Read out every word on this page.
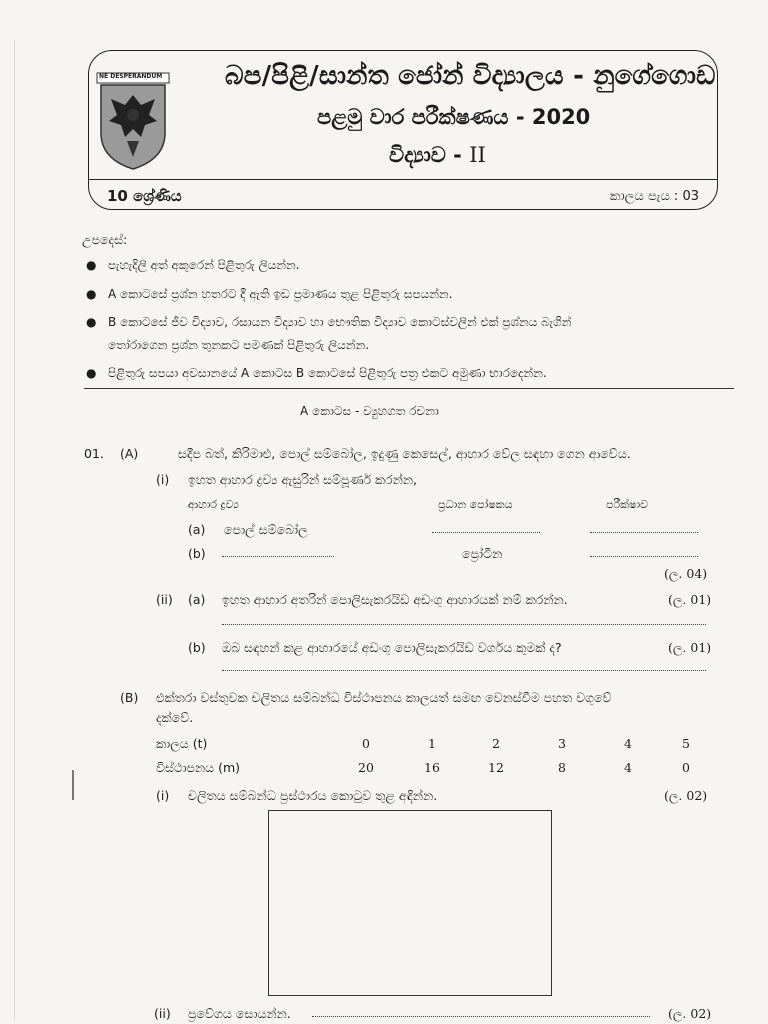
NE DESPERANDUM බප/පිළි/සාන්ත ජෝන් විද්‍යාලය - නුගේගොඩ
පළමු වාර පරීක්ෂණය - 2020
විද්‍යාව - II
10 ශ්‍රේණිය	කාලය පැය : 03
උපදෙස්:
● පැහැදිලි අත් අකුරෙන් පිළිතුරු ලියන්න.
● A කොටසේ ප්‍රශ්න හතරට දී ඇති ඉඩ ප්‍රමාණය තුළ පිළිතුරු සපයන්න.
● B කොටසේ ජීව විද්‍යාව, රසායන විද්‍යාව හා භෞතික විද්‍යාව කොටස්වලින් එක් ප්‍රශ්නය බැගින්
තෝරාගෙන ප්‍රශ්න තුනකට පමණක් පිළිතුරු ලියන්න.
● පිළිතුරු සපයා අවසානයේ A කොටස B කොටසේ පිළිතුරු පත්‍ර එකට අමුණා භාරදෙන්න.
A කොටස - ව්‍යුහගත රචනා
01. (A)	සදීප බත්, කිරිමාළු, පොල් සම්බෝල, ඉදුණු කෙසෙල්, ආහාර වේල සඳහා ගෙන ආවේය.
(i) ඉහත ආහාර ද්‍රව්‍ය ඇසුරින් සම්පූර්ණ කරන්න,
ආහාර ද්‍රව්‍ය	ප්‍රධාන පෝෂකය	පරීක්ෂාව
(a) පොල් සම්බෝල
(b)	ප්‍රෝටීන
(ල. 04)
(ii) (a) ඉහත ආහාර අතරින් පොලිසැකරයිඩ අඩංගු ආහාරයක් නම් කරන්න.	(ල. 01)
(b) ඔබ සඳහන් කළ ආහාරයේ අඩංගු පොලිසැකරයිඩ වර්ගය කුමක් ද?	(ල. 01)
(B) එක්තරා වස්තුවක චලිතය සම්බන්ධ විස්ථාපනය කාලයත් සමඟ වෙනස්වීම පහත වගුවේ
දක්වේ.
කාලය (t)	0	1	2	3	4	5
විස්ථාපනය (m)	20	16	12	8	4	0
(i) චලිතය සම්බන්ධ ප්‍රස්ථාරය කොටුව තුළ අඳින්න.	(ල. 02)
(ii) ප්‍රවේගය සොයන්න.	(ල. 02)
